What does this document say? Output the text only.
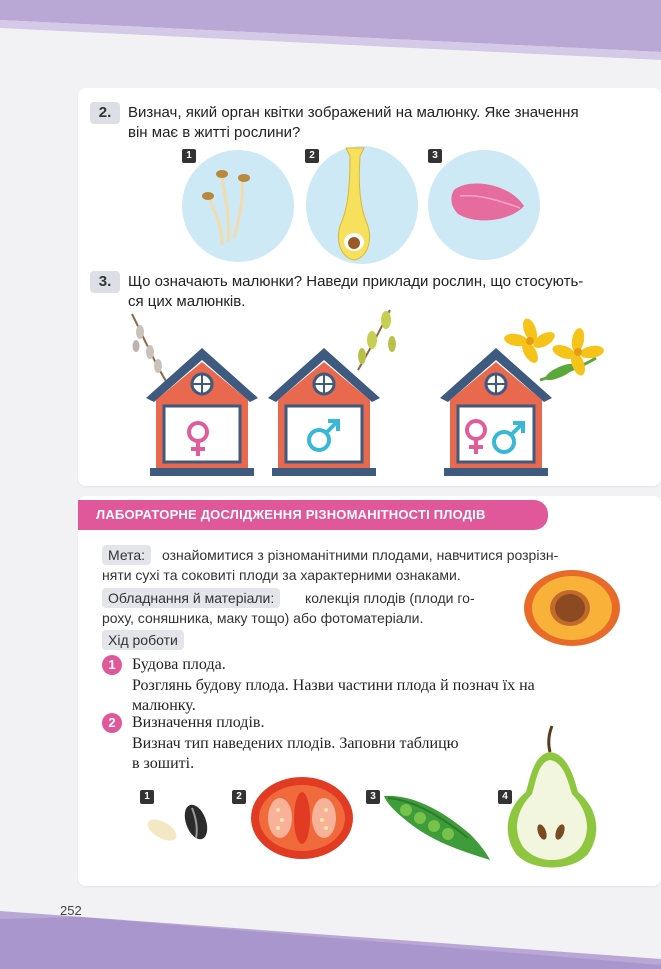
2.	Визнач, який орган квітки зображений на малюнку. Яке значення
він має в житті рослини?
1	2	3
3.	Що означають малюнки? Наведи приклади рослин, що стосують-
ся цих малюнків.
ЛАБОРАТОРНЕ ДОСЛІДЖЕННЯ РІЗНОМАНІТНОСТІ ПЛОДІВ
Мета:	ознайомитися з різноманітними плодами, навчитися розрізн-
няти сухі та соковиті плоди за характерними ознаками.
Обладнання й матеріали:	колекція плодів (плоди го-
роху, соняшника, маку тощо) або фотоматеріали.
Хід роботи
1	Будова плода.
Розглянь будову плода. Назви частини плода й познач їх на
малюнку.
2	Визначення плодів.
Визнач тип наведених плодів. Заповни таблицю
в зошиті.
1	2	3	4
252
